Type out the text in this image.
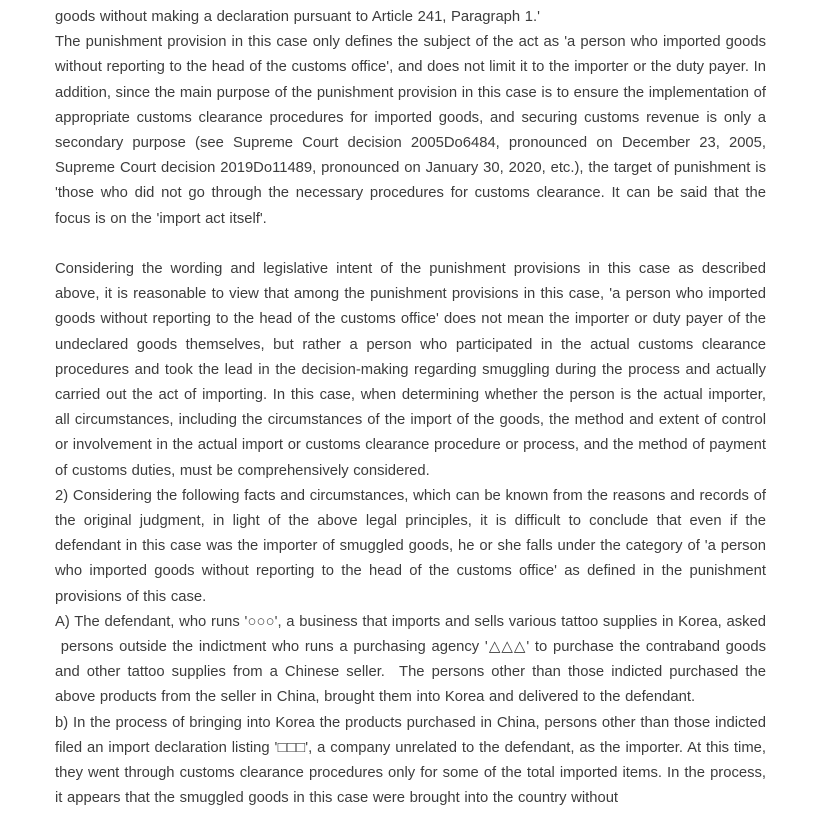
goods without making a declaration pursuant to Article 241, Paragraph 1.'

The punishment provision in this case only defines the subject of the act as 'a person who imported goods without reporting to the head of the customs office', and does not limit it to the importer or the duty payer. In addition, since the main purpose of the punishment provision in this case is to ensure the implementation of appropriate customs clearance procedures for imported goods, and securing customs revenue is only a secondary purpose (see Supreme Court decision 2005Do6484, pronounced on December 23, 2005, Supreme Court decision 2019Do11489, pronounced on January 30, 2020, etc.), the target of punishment is 'those who did not go through the necessary procedures for customs clearance. It can be said that the focus is on the 'import act itself'.

Considering the wording and legislative intent of the punishment provisions in this case as described above, it is reasonable to view that among the punishment provisions in this case, 'a person who imported goods without reporting to the head of the customs office' does not mean the importer or duty payer of the undeclared goods themselves, but rather a person who participated in the actual customs clearance procedures and took the lead in the decision-making regarding smuggling during the process and actually carried out the act of importing. In this case, when determining whether the person is the actual importer, all circumstances, including the circumstances of the import of the goods, the method and extent of control or involvement in the actual import or customs clearance procedure or process, and the method of payment of customs duties, must be comprehensively considered.

2) Considering the following facts and circumstances, which can be known from the reasons and records of the original judgment, in light of the above legal principles, it is difficult to conclude that even if the defendant in this case was the importer of smuggled goods, he or she falls under the category of 'a person who imported goods without reporting to the head of the customs office' as defined in the punishment provisions of this case.

A) The defendant, who runs '○○○', a business that imports and sells various tattoo supplies in Korea, asked  persons outside the indictment who runs a purchasing agency '△△△' to purchase the contraband goods and other tattoo supplies from a Chinese seller.  The persons other than those indicted purchased the above products from the seller in China, brought them into Korea and delivered to the defendant.

b) In the process of bringing into Korea the products purchased in China, persons other than those indicted filed an import declaration listing '□□□', a company unrelated to the defendant, as the importer. At this time, they went through customs clearance procedures only for some of the total imported items. In the process, it appears that the smuggled goods in this case were brought into the country without
